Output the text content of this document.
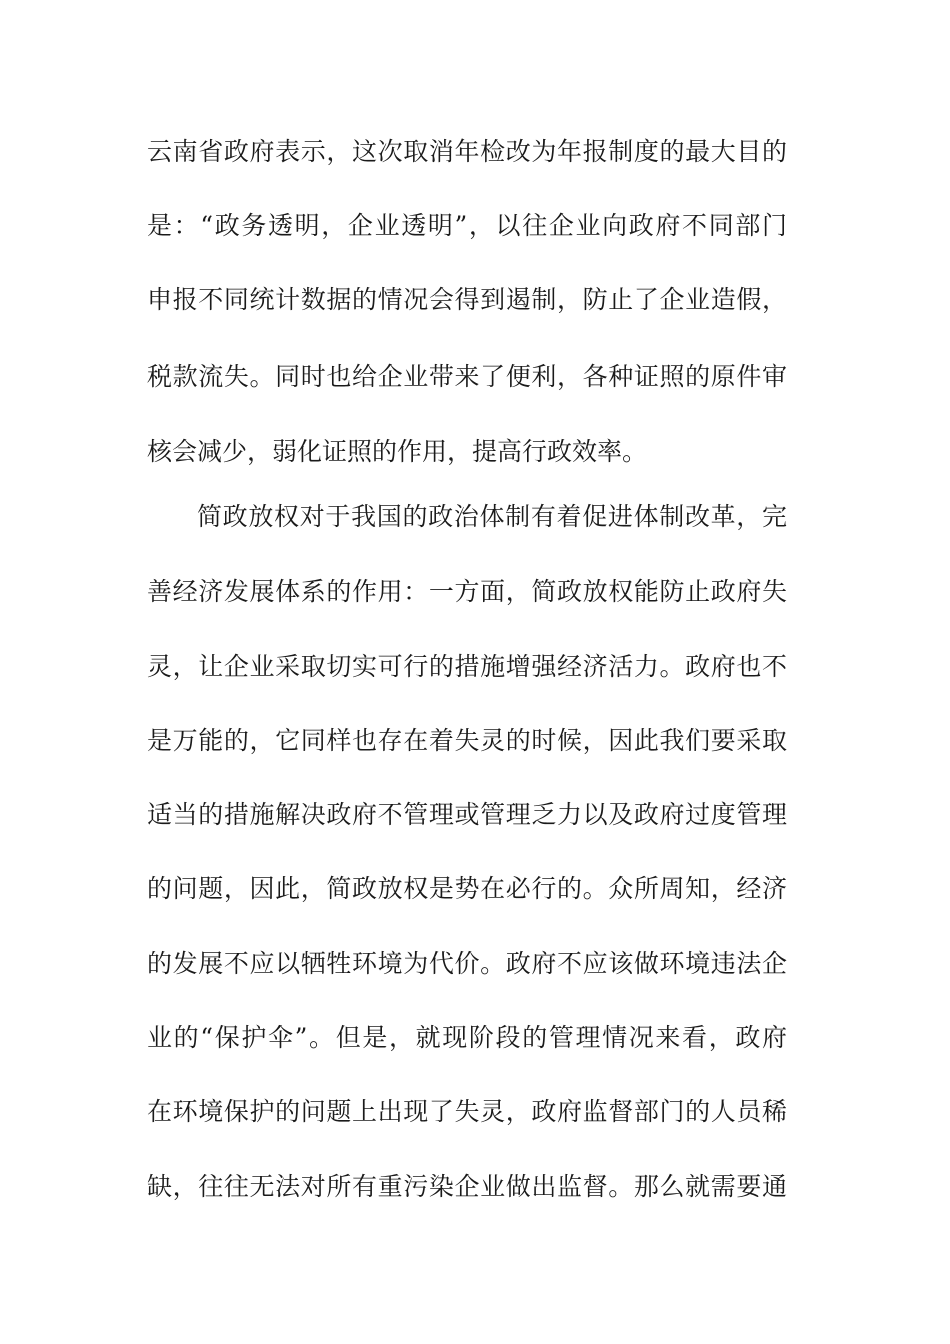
云南省政府表示，这次取消年检改为年报制度的最大目的
是：“政务透明，企业透明”，以往企业向政府不同部门
申报不同统计数据的情况会得到遏制，防止了企业造假，
税款流失。同时也给企业带来了便利，各种证照的原件审
核会减少，弱化证照的作用，提高行政效率。
简政放权对于我国的政治体制有着促进体制改革，完
善经济发展体系的作用：一方面，简政放权能防止政府失
灵，让企业采取切实可行的措施增强经济活力。政府也不
是万能的，它同样也存在着失灵的时候，因此我们要采取
适当的措施解决政府不管理或管理乏力以及政府过度管理
的问题，因此，简政放权是势在必行的。众所周知，经济
的发展不应以牺牲环境为代价。政府不应该做环境违法企
业的“保护伞”。但是，就现阶段的管理情况来看，政府
在环境保护的问题上出现了失灵，政府监督部门的人员稀
缺，往往无法对所有重污染企业做出监督。那么就需要通
